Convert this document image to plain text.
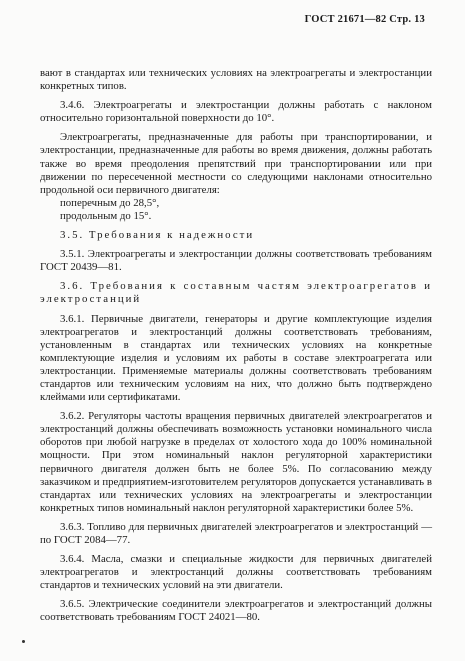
ГОСТ 21671—82 Стр. 13

вают в стандартах или технических условиях на электроагрегаты и электростанции конкретных типов.

3.4.6. Электроагрегаты и электростанции должны работать с наклоном относительно горизонтальной поверхности до 10°.

Электроагрегаты, предназначенные для работы при транспортировании, и электростанции, предназначенные для работы во время движения, должны работать также во время преодоления препятствий при транспортировании или при движении по пересеченной местности со следующими наклонами относительно продольной оси первичного двигателя:

поперечным до 28,5°,

продольным до 15°.

3.5. Требования к надежности

3.5.1. Электроагрегаты и электростанции должны соответствовать требованиям ГОСТ 20439—81.

3.6. Требования к составным частям электроагрегатов и электростанций

3.6.1. Первичные двигатели, генераторы и другие комплектующие изделия электроагрегатов и электростанций должны соответствовать требованиям, установленным в стандартах или технических условиях на конкретные комплектующие изделия и условиям их работы в составе электроагрегата или электростанции. Применяемые материалы должны соответствовать требованиям стандартов или техническим условиям на них, что должно быть подтверждено клеймами или сертификатами.

3.6.2. Регуляторы частоты вращения первичных двигателей электроагрегатов и электростанций должны обеспечивать возможность установки номинального числа оборотов при любой нагрузке в пределах от холостого хода до 100% номинальной мощности. При этом номинальный наклон регуляторной характеристики первичного двигателя должен быть не более 5%. По согласованию между заказчиком и предприятием-изготовителем регуляторов допускается устанавливать в стандартах или технических условиях на электроагрегаты и электростанции конкретных типов номинальный наклон регуляторной характеристики более 5%.

3.6.3. Топливо для первичных двигателей электроагрегатов и электростанций — по ГОСТ 2084—77.

3.6.4. Масла, смазки и специальные жидкости для первичных двигателей электроагрегатов и электростанций должны соответствовать требованиям стандартов и технических условий на эти двигатели.

3.6.5. Электрические соединители электроагрегатов и электростанций должны соответствовать требованиям ГОСТ 24021—80.
